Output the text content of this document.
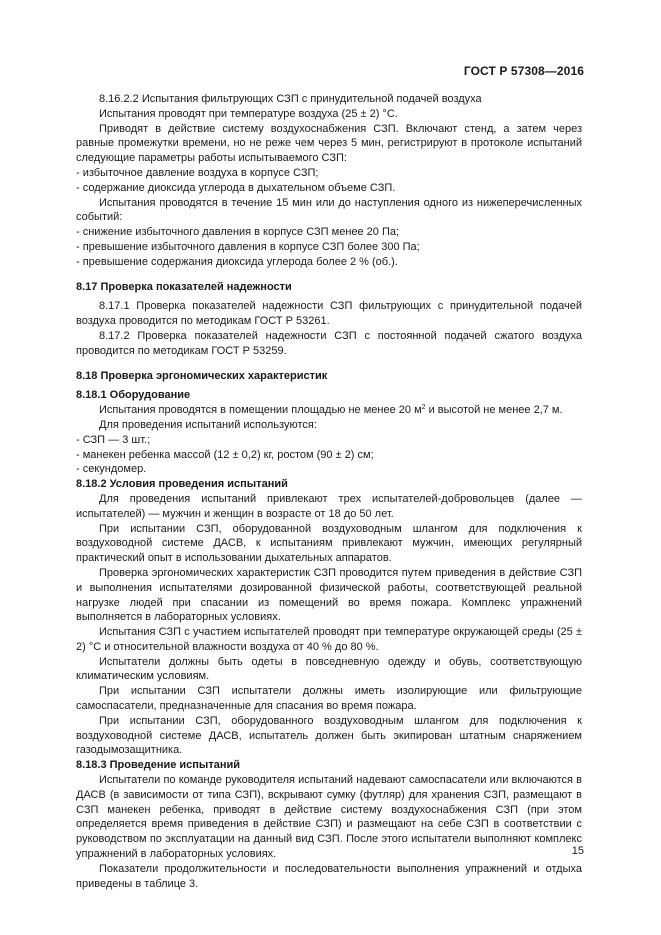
ГОСТ Р 57308—2016

8.16.2.2 Испытания фильтрующих СЗП с принудительной подачей воздуха

Испытания проводят при температуре воздуха (25 ± 2) °С.

Приводят в действие систему воздухоснабжения СЗП. Включают стенд, а затем через равные промежутки времени, но не реже чем через 5 мин, регистрируют в протоколе испытаний следующие параметры работы испытываемого СЗП:

- избыточное давление воздуха в корпусе СЗП;

- содержание диоксида углерода в дыхательном объеме СЗП.

Испытания проводятся в течение 15 мин или до наступления одного из нижеперечисленных событий:

- снижение избыточного давления в корпусе СЗП менее 20 Па;

- превышение избыточного давления в корпусе СЗП более 300 Па;

- превышение содержания диоксида углерода более 2 % (об.).

8.17 Проверка показателей надежности

8.17.1 Проверка показателей надежности СЗП фильтрующих с принудительной подачей воздуха проводится по методикам ГОСТ Р 53261.

8.17.2 Проверка показателей надежности СЗП с постоянной подачей сжатого воздуха проводится по методикам ГОСТ Р 53259.

8.18 Проверка эргономических характеристик

8.18.1 Оборудование

Испытания проводятся в помещении площадью не менее 20 $м^2$ и высотой не менее 2,7 м.

Для проведения испытаний используются:

- СЗП — 3 шт.;

- манекен ребенка массой (12 ± 0,2) кг, ростом (90 ± 2) см;

- секундомер.

8.18.2 Условия проведения испытаний

Для проведения испытаний привлекают трех испытателей-добровольцев (далее — испытателей) — мужчин и женщин в возрасте от 18 до 50 лет.

При испытании СЗП, оборудованной воздуховодным шлангом для подключения к воздуховодной системе ДАСВ, к испытаниям привлекают мужчин, имеющих регулярный практический опыт в использовании дыхательных аппаратов.

Проверка эргономических характеристик СЗП проводится путем приведения в действие СЗП и выполнения испытателями дозированной физической работы, соответствующей реальной нагрузке людей при спасании из помещений во время пожара. Комплекс упражнений выполняется в лабораторных условиях.

Испытания СЗП с участием испытателей проводят при температуре окружающей среды (25 ± 2) °С и относительной влажности воздуха от 40 % до 80 %.

Испытатели должны быть одеты в повседневную одежду и обувь, соответствующую климатическим условиям.

При испытании СЗП испытатели должны иметь изолирующие или фильтрующие самоспасатели, предназначенные для спасания во время пожара.

При испытании СЗП, оборудованного воздуховодным шлангом для подключения к воздуховодной системе ДАСВ, испытатель должен быть экипирован штатным снаряжением газодымозащитника.

8.18.3 Проведение испытаний

Испытатели по команде руководителя испытаний надевают самоспасатели или включаются в ДАСВ (в зависимости от типа СЗП), вскрывают сумку (футляр) для хранения СЗП, размещают в СЗП манекен ребенка, приводят в действие систему воздухоснабжения СЗП (при этом определяется время приведения в действие СЗП) и размещают на себе СЗП в соответствии с руководством по эксплуатации на данный вид СЗП. После этого испытатели выполняют комплекс упражнений в лабораторных условиях.

Показатели продолжительности и последовательности выполнения упражнений и отдыха приведены в таблице 3.

15
